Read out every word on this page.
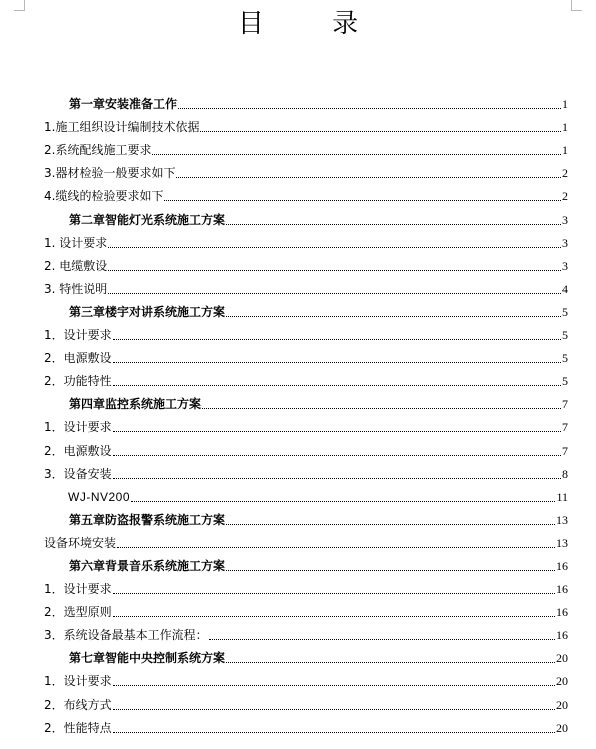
目 录
第一章安装准备工作	1
1.施工组织设计编制技术依据	1
2.系统配线施工要求	1
3.器材检验一般要求如下	2
4.缆线的检验要求如下	2
第二章智能灯光系统施工方案	3
1. 设计要求	3
2. 电缆敷设	3
3. 特性说明	4
第三章楼宇对讲系统施工方案	5
1．设计要求	5
2．电源敷设	5
2．功能特性	5
第四章监控系统施工方案	7
1．设计要求	7
2．电源敷设	7
3．设备安装	8
WJ-NV200	11
第五章防盗报警系统施工方案	13
设备环境安装	13
第六章背景音乐系统施工方案	16
1．设计要求	16
2．选型原则	16
3．系统设备最基本工作流程：	16
第七章智能中央控制系统方案	20
1．设计要求	20
2．布线方式	20
2．性能特点	20
